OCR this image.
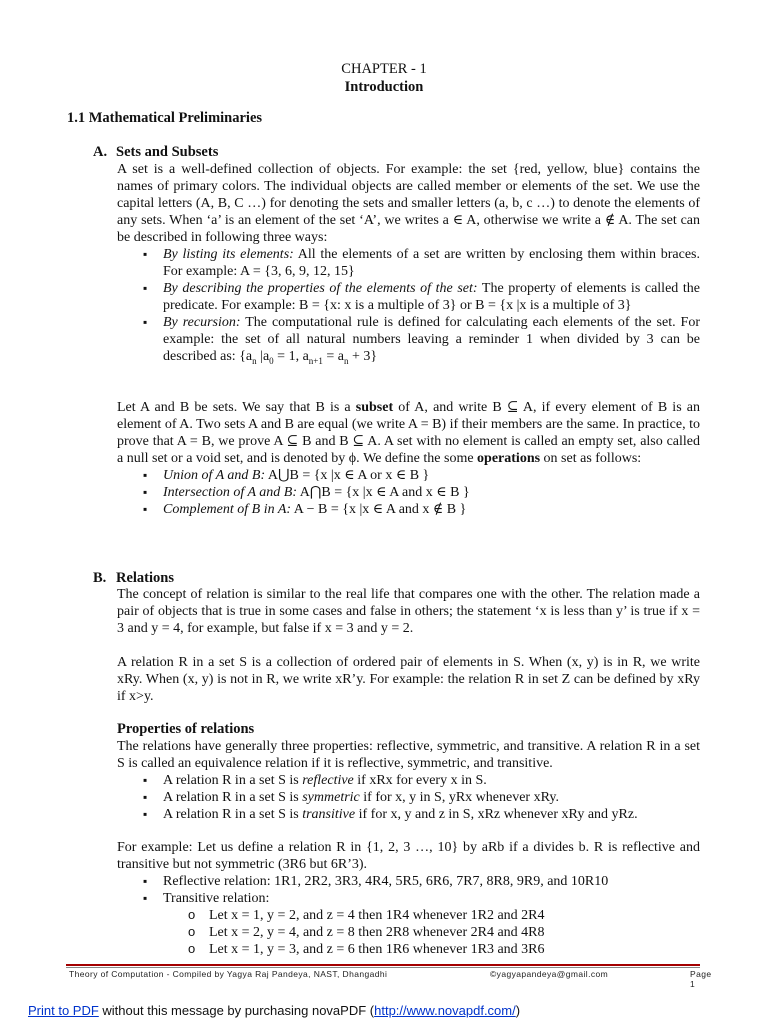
CHAPTER - 1
Introduction
1.1 Mathematical Preliminaries
A. Sets and Subsets

A set is a well-defined collection of objects. For example: the set {red, yellow, blue} contains the names of primary colors. The individual objects are called member or elements of the set. We use the capital letters (A, B, C …) for denoting the sets and smaller letters (a, b, c …) to denote the elements of any sets. When ‘a’ is an element of the set ‘A’, we writes a ∈ A, otherwise we write a ∉ A. The set can be described in following three ways:

▪ By listing its elements: All the elements of a set are written by enclosing them within braces. For example: A = {3, 6, 9, 12, 15}

▪ By describing the properties of the elements of the set: The property of elements is called the predicate. For example: B = {x: x is a multiple of 3} or B = {x |x is a multiple of 3}

▪ By recursion: The computational rule is defined for calculating each elements of the set. For example: the set of all natural numbers leaving a reminder 1 when divided by 3 can be described as: {$a_n$ $|a_0 = 1$, $a_{n+1} = a_n + 3$}

Let A and B be sets. We say that B is a subset of A, and write B ⊆ A, if every element of B is an element of A. Two sets A and B are equal (we write A = B) if their members are the same. In practice, to prove that A = B, we prove A ⊆ B and B ⊆ A. A set with no element is called an empty set, also called a null set or a void set, and is denoted by ϕ. We define the some operations on set as follows:

▪ Union of A and B: A⋃B = {x |x ∈ A or x ∈ B }

▪ Intersection of A and B: A⋂B = {x |x ∈ A and x ∈ B }

▪ Complement of B in A: A − B = {x |x ∈ A and x ∉ B }

B. Relations

The concept of relation is similar to the real life that compares one with the other. The relation made a pair of objects that is true in some cases and false in others; the statement ‘x is less than y’ is true if x = 3 and y = 4, for example, but false if x = 3 and y = 2.

A relation R in a set S is a collection of ordered pair of elements in S. When (x, y) is in R, we write xRy. When (x, y) is not in R, we write xR’y. For example: the relation R in set Z can be defined by xRy if x>y.

Properties of relations

The relations have generally three properties: reflective, symmetric, and transitive. A relation R in a set S is called an equivalence relation if it is reflective, symmetric, and transitive.

▪ A relation R in a set S is reflective if xRx for every x in S.

▪ A relation R in a set S is symmetric if for x, y in S, yRx whenever xRy.

▪ A relation R in a set S is transitive if for x, y and z in S, xRz whenever xRy and yRz.

For example: Let us define a relation R in {1, 2, 3 …, 10} by aRb if a divides b. R is reflective and transitive but not symmetric (3R6 but 6R’3).

▪ Reflective relation: 1R1, 2R2, 3R3, 4R4, 5R5, 6R6, 7R7, 8R8, 9R9, and 10R10

▪ Transitive relation:

o Let x = 1, y = 2, and z = 4 then 1R4 whenever 1R2 and 2R4

o Let x = 2, y = 4, and z = 8 then 2R8 whenever 2R4 and 4R8

o Let x = 1, y = 3, and z = 6 then 1R6 whenever 1R3 and 3R6

Theory of Computation - Compiled by Yagya Raj Pandeya, NAST, Dhangadhi	©yagyapandeya@gmail.com	Page 1
Print to PDF without this message by purchasing novaPDF (http://www.novapdf.com/)
